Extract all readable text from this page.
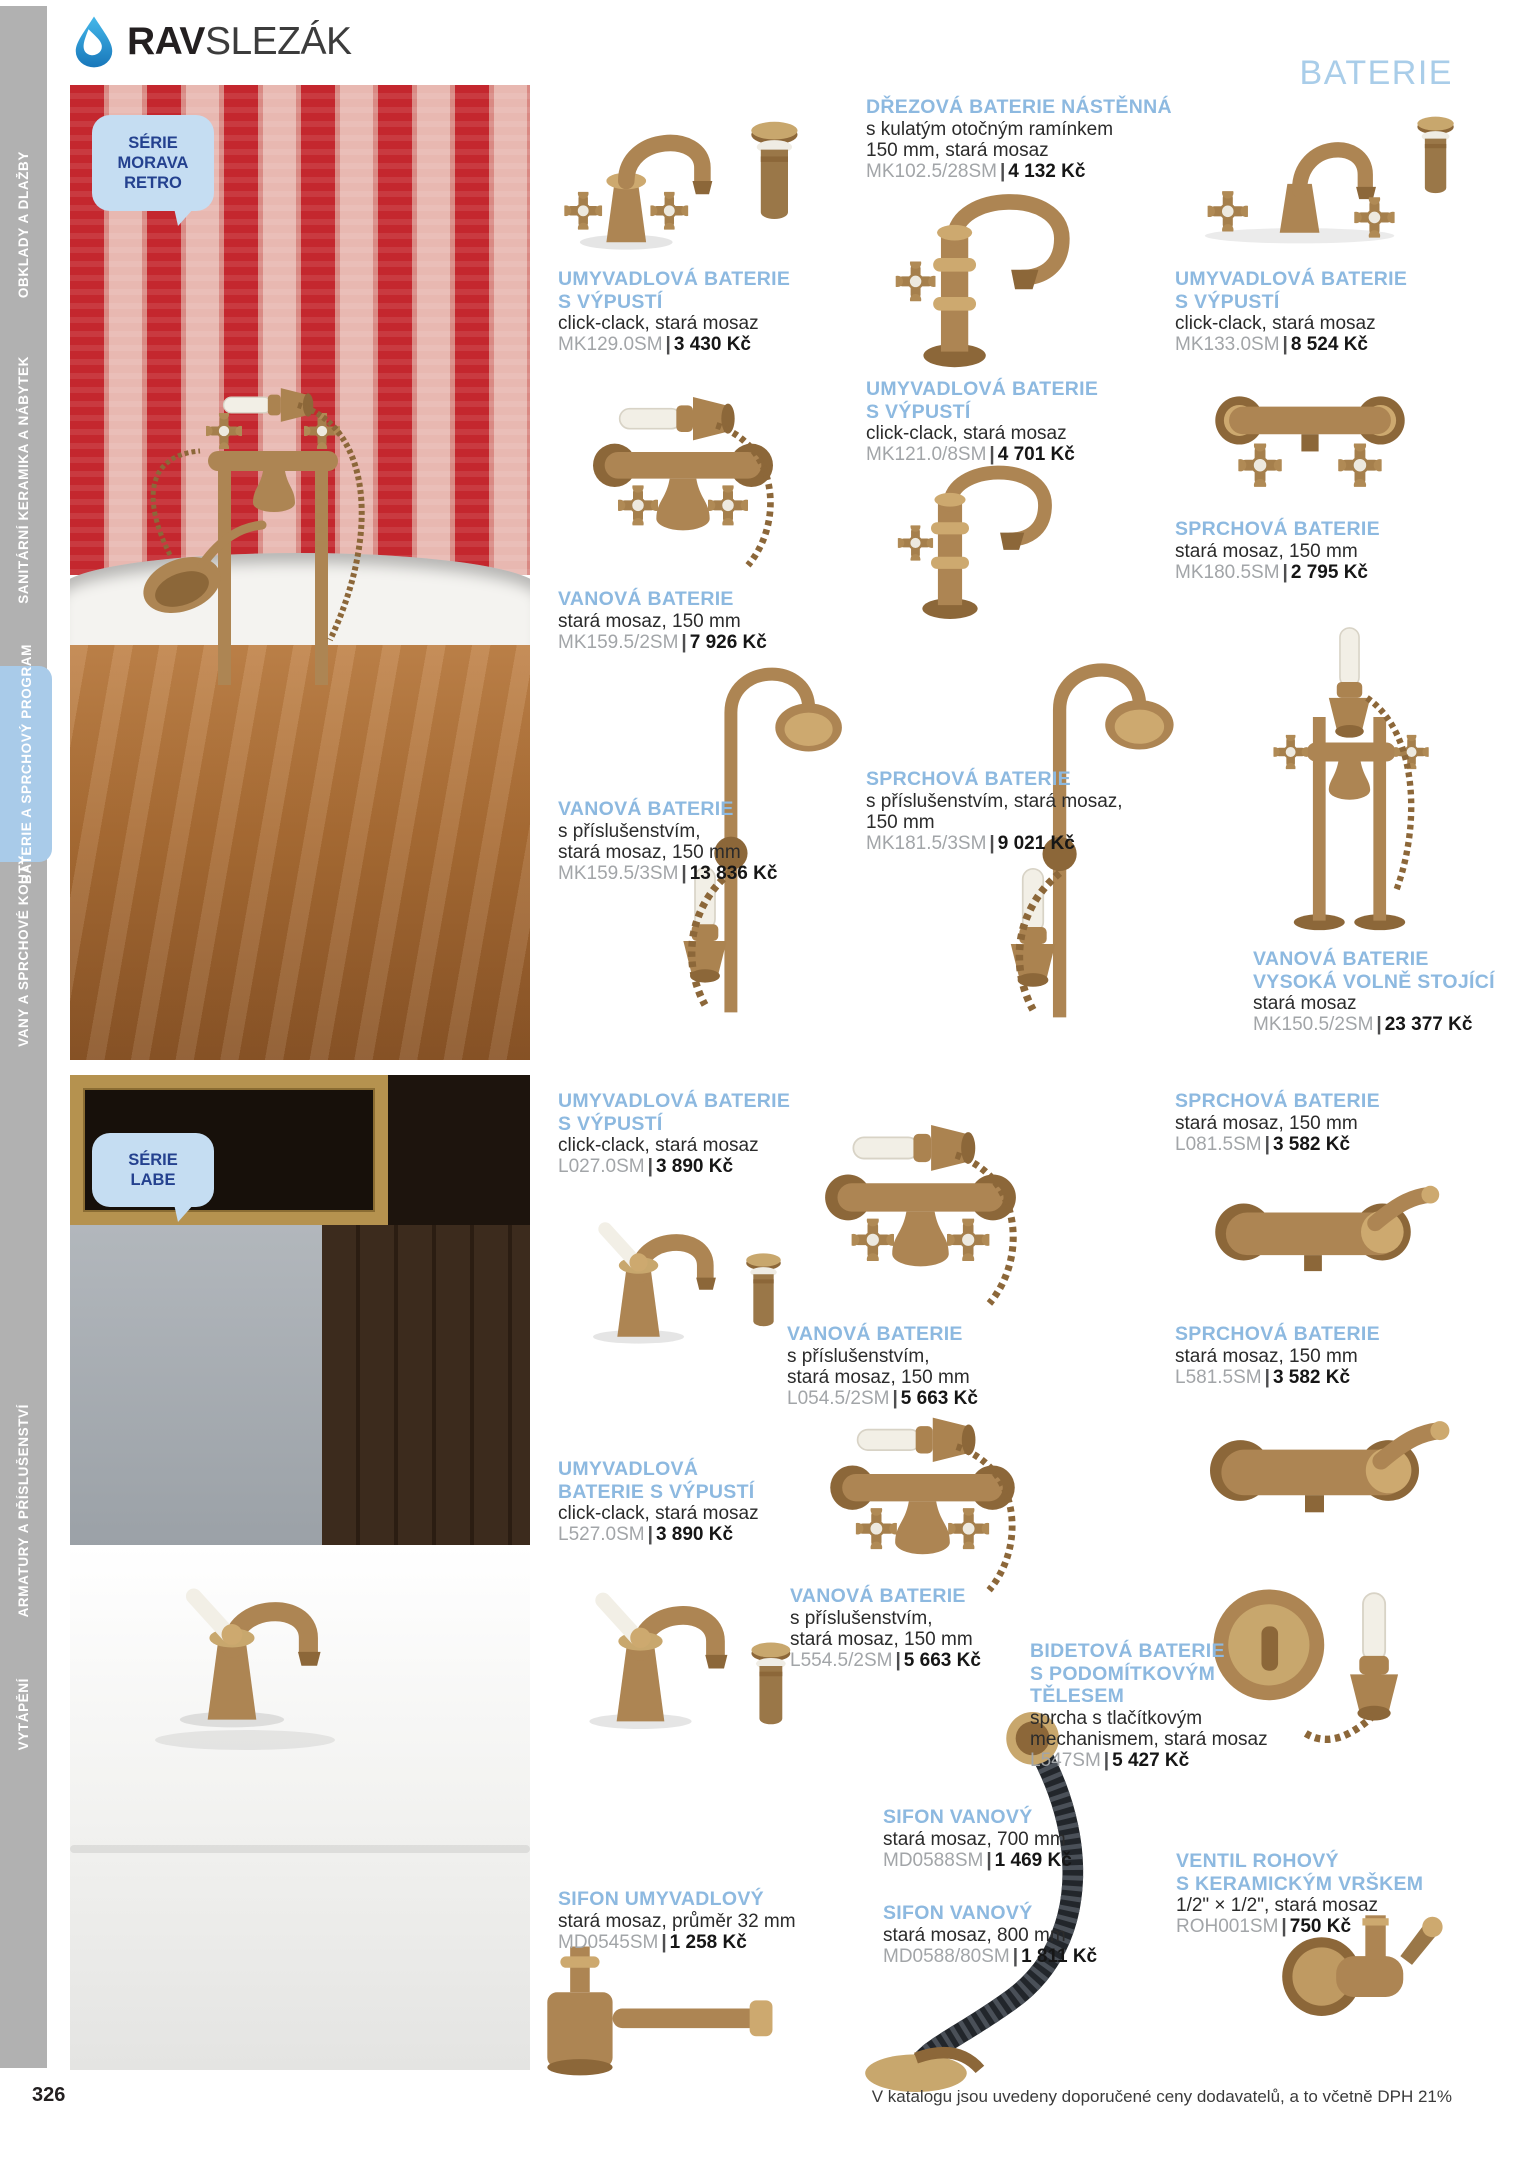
OBKLADY A DLAŽBY
SANITÁRNÍ KERAMIKA A NÁBYTEK
BATERIE A SPRCHOVÝ PROGRAM
VANY A SPRCHOVÉ KOUTY
ARMATURY A PŘÍSLUŠENSTVÍ
VYTÁPĚNÍ
RAVSLEZÁK
BATERIE
SÉRIE
MORAVA
RETRO
SÉRIE
LABE
UMYVADLOVÁ BATERIE
S VÝPUSTÍ
click-clack, stará mosaz
MK129.0SM | 3 430 Kč
DŘEZOVÁ BATERIE NÁSTĚNNÁ
s kulatým otočným ramínkem
150 mm, stará mosaz
MK102.5/28SM | 4 132 Kč
UMYVADLOVÁ BATERIE
S VÝPUSTÍ
click-clack, stará mosaz
MK133.0SM | 8 524 Kč
VANOVÁ BATERIE
stará mosaz, 150 mm
MK159.5/2SM | 7 926 Kč
UMYVADLOVÁ BATERIE
S VÝPUSTÍ
click-clack, stará mosaz
MK121.0/8SM | 4 701 Kč
SPRCHOVÁ BATERIE
stará mosaz, 150 mm
MK180.5SM | 2 795 Kč
VANOVÁ BATERIE
s příslušenstvím,
stará mosaz, 150 mm
MK159.5/3SM | 13 836 Kč
SPRCHOVÁ BATERIE
s příslušenstvím, stará mosaz,
150 mm
MK181.5/3SM | 9 021 Kč
VANOVÁ BATERIE
VYSOKÁ VOLNĚ STOJÍCÍ
stará mosaz
MK150.5/2SM | 23 377 Kč
UMYVADLOVÁ BATERIE
S VÝPUSTÍ
click-clack, stará mosaz
L027.0SM | 3 890 Kč
SPRCHOVÁ BATERIE
stará mosaz, 150 mm
L081.5SM | 3 582 Kč
VANOVÁ BATERIE
s příslušenstvím,
stará mosaz, 150 mm
L054.5/2SM | 5 663 Kč
SPRCHOVÁ BATERIE
stará mosaz, 150 mm
L581.5SM | 3 582 Kč
UMYVADLOVÁ
BATERIE S VÝPUSTÍ
click-clack, stará mosaz
L527.0SM | 3 890 Kč
VANOVÁ BATERIE
s příslušenstvím,
stará mosaz, 150 mm
L554.5/2SM | 5 663 Kč	BIDETOVÁ BATERIE
S PODOMÍTKOVÝM
TĚLESEM
sprcha s tlačítkovým
mechanismem, stará mosaz
L547SM | 5 427 Kč
SIFON UMYVADLOVÝ
stará mosaz, průměr 32 mm
MD0545SM | 1 258 Kč
SIFON VANOVÝ
stará mosaz, 700 mm
MD0588SM | 1 469 Kč
SIFON VANOVÝ
stará mosaz, 800 mm
MD0588/80SM | 1 811 Kč
VENTIL ROHOVÝ
S KERAMICKÝM VRŠKEM
1/2" × 1/2", stará mosaz
ROH001SM | 750 Kč
326	V katalogu jsou uvedeny doporučené ceny dodavatelů, a to včetně DPH 21%
